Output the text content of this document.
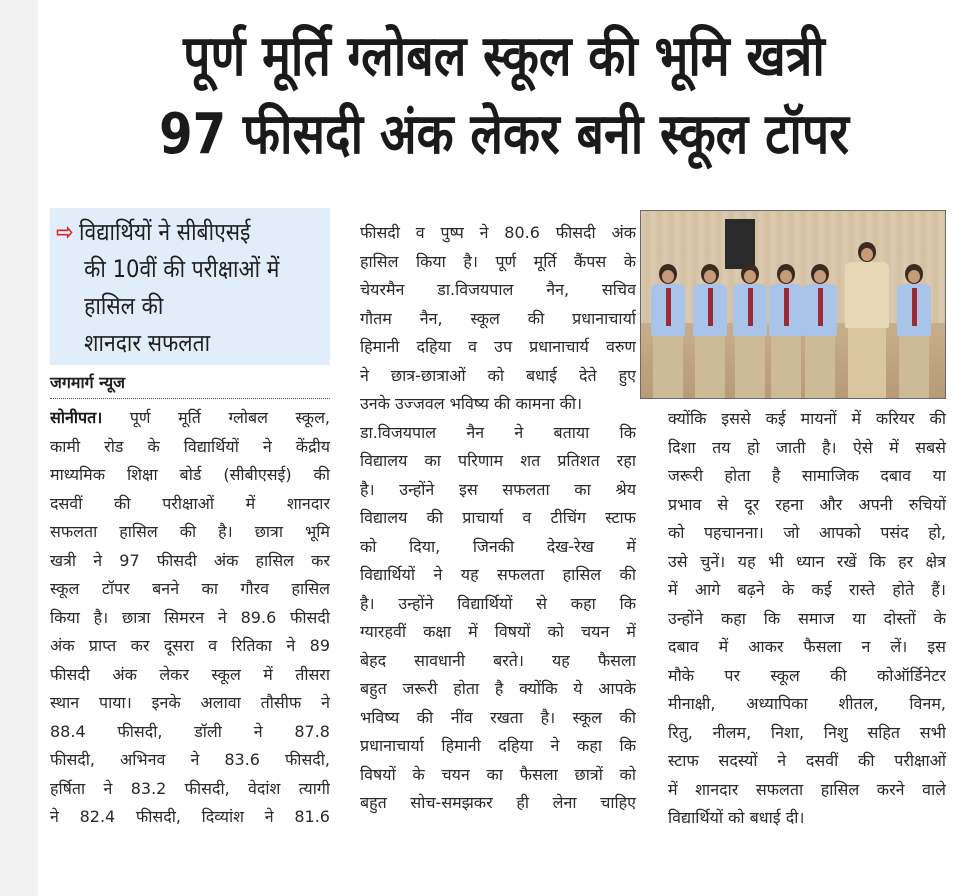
पूर्ण मूर्ति ग्लोबल स्कूल की भूमि खत्री
97 फीसदी अंक लेकर बनी स्कूल टॉपर
⇨ विद्यार्थियों ने सीबीएसई
की 10वीं की परीक्षाओं में
हासिल की
शानदार सफलता
जगमार्ग न्यूज
सोनीपत। पूर्ण मूर्ति ग्लोबल स्कूल,
कामी रोड के विद्यार्थियों ने केंद्रीय
माध्यमिक शिक्षा बोर्ड (सीबीएसई) की
दसवीं की परीक्षाओं में शानदार
सफलता हासिल की है। छात्रा भूमि
खत्री ने 97 फीसदी अंक हासिल कर
स्कूल टॉपर बनने का गौरव हासिल
किया है। छात्रा सिमरन ने 89.6 फीसदी
अंक प्राप्त कर दूसरा व रितिका ने 89
फीसदी अंक लेकर स्कूल में तीसरा
स्थान पाया। इनके अलावा तौसीफ ने
88.4 फीसदी, डॉली ने 87.8
फीसदी, अभिनव ने 83.6 फीसदी,
हर्षिता ने 83.2 फीसदी, वेदांश त्यागी
ने 82.4 फीसदी, दिव्यांश ने 81.6
फीसदी व पुष्प ने 80.6 फीसदी अंक
हासिल किया है। पूर्ण मूर्ति कैंपस के
चेयरमैन डा.विजयपाल नैन, सचिव
गौतम नैन, स्कूल की प्रधानाचार्या
हिमानी दहिया व उप प्रधानाचार्य वरुण
ने छात्र-छात्राओं को बधाई देते हुए
उनके उज्जवल भविष्य की कामना की।
डा.विजयपाल नैन ने बताया कि
विद्यालय का परिणाम शत प्रतिशत रहा
है। उन्होंने इस सफलता का श्रेय
विद्यालय की प्राचार्या व टीचिंग स्टाफ
को दिया, जिनकी देख-रेख में
विद्यार्थियों ने यह सफलता हासिल की
है। उन्होंने विद्यार्थियों से कहा कि
ग्यारहवीं कक्षा में विषयों को चयन में
बेहद सावधानी बरते। यह फैसला
बहुत जरूरी होता है क्योंकि ये आपके
भविष्य की नींव रखता है। स्कूल की
प्रधानाचार्या हिमानी दहिया ने कहा कि
विषयों के चयन का फैसला छात्रों को
बहुत सोच-समझकर ही लेना चाहिए
क्योंकि इससे कई मायनों में करियर की
दिशा तय हो जाती है। ऐसे में सबसे
जरूरी होता है सामाजिक दबाव या
प्रभाव से दूर रहना और अपनी रुचियों
को पहचानना। जो आपको पसंद हो,
उसे चुनें। यह भी ध्यान रखें कि हर क्षेत्र
में आगे बढ़ने के कई रास्ते होते हैं।
उन्होंने कहा कि समाज या दोस्तों के
दबाव में आकर फैसला न लें। इस
मौके पर स्कूल की कोऑर्डिनेटर
मीनाक्षी, अध्यापिका शीतल, विनम,
रितु, नीलम, निशा, निशु सहित सभी
स्टाफ सदस्यों ने दसवीं की परीक्षाओं
में शानदार सफलता हासिल करने वाले
विद्यार्थियों को बधाई दी।
